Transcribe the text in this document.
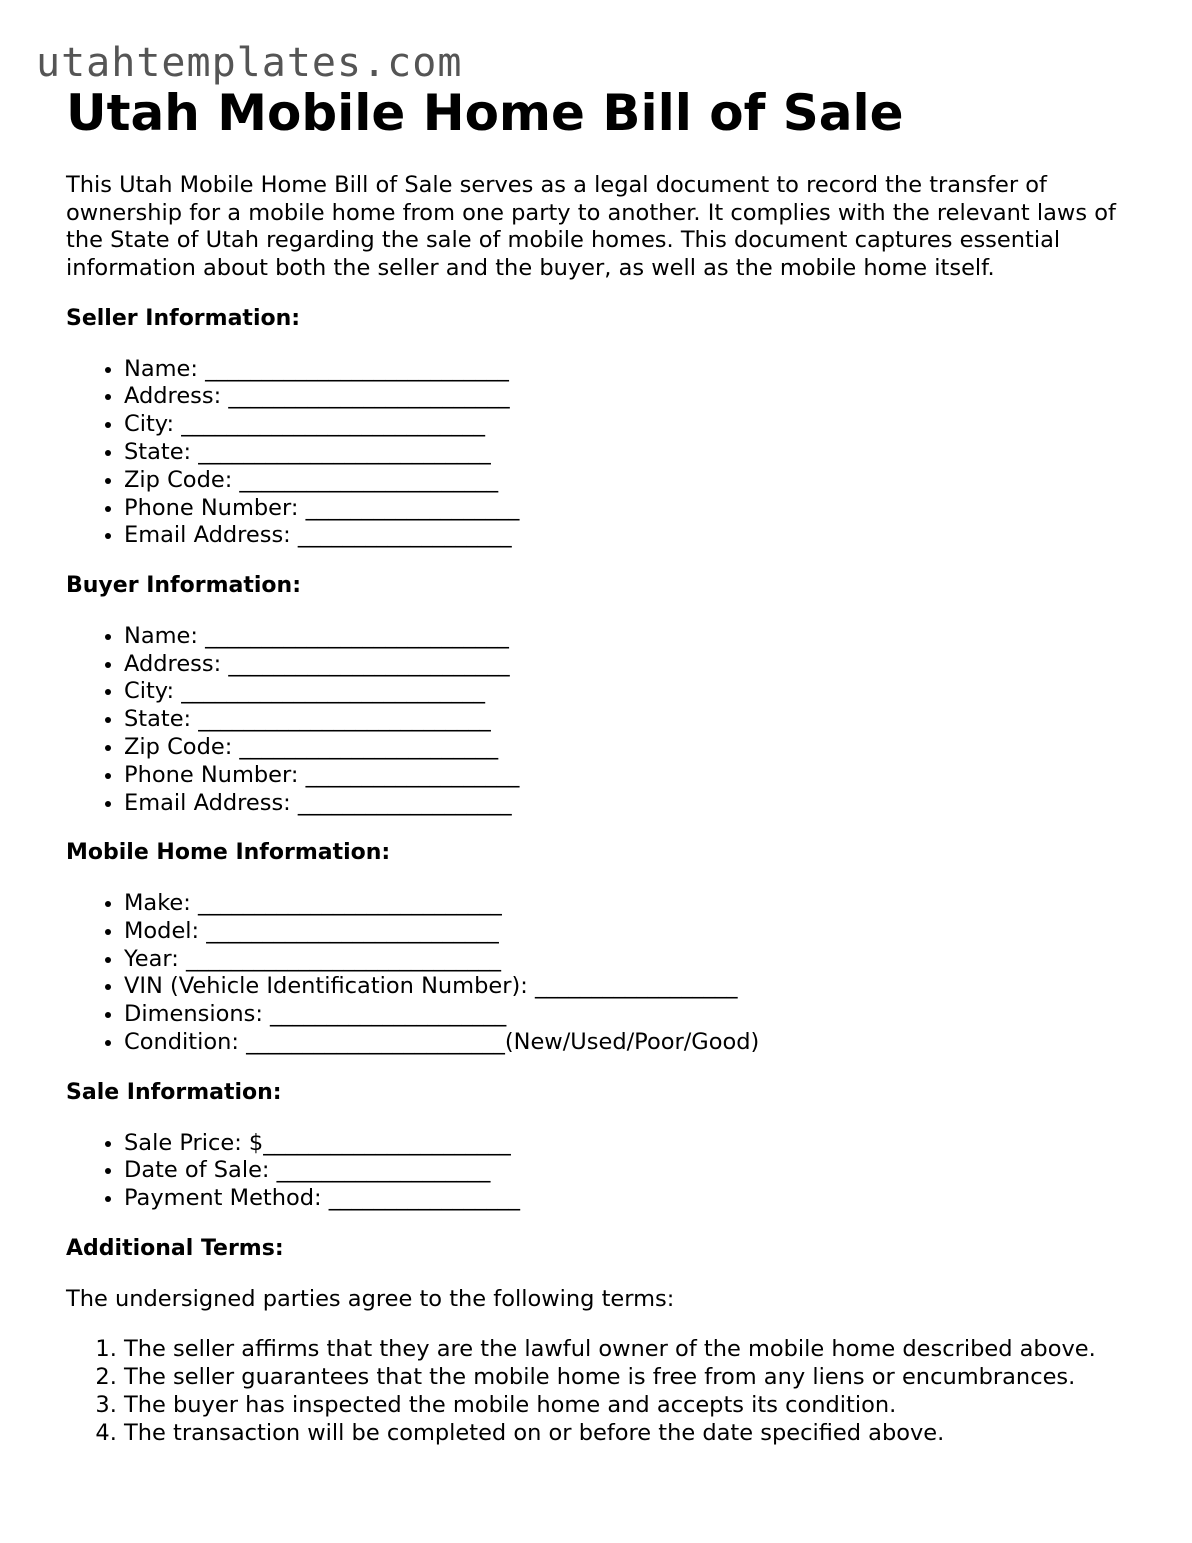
utahtemplates.com
Utah Mobile Home Bill of Sale

This Utah Mobile Home Bill of Sale serves as a legal document to record the transfer of ownership for a mobile home from one party to another. It complies with the relevant laws of the State of Utah regarding the sale of mobile homes. This document captures essential information about both the seller and the buyer, as well as the mobile home itself.

Seller Information:
• Name: ___________________________
• Address: _________________________
• City: ___________________________
• State: __________________________
• Zip Code: _______________________
• Phone Number: ___________________
• Email Address: ___________________
Buyer Information:
• Name: ___________________________
• Address: _________________________
• City: ___________________________
• State: __________________________
• Zip Code: _______________________
• Phone Number: ___________________
• Email Address: ___________________
Mobile Home Information:
• Make: ___________________________
• Model: __________________________
• Year: ____________________________
• VIN (Vehicle Identification Number): __________________
• Dimensions: _____________________
• Condition: _______________________(New/Used/Poor/Good)
Sale Information:
• Sale Price: $______________________
• Date of Sale: ___________________
• Payment Method: _________________
Additional Terms:

The undersigned parties agree to the following terms:

1. The seller affirms that they are the lawful owner of the mobile home described above.
2. The seller guarantees that the mobile home is free from any liens or encumbrances.
3. The buyer has inspected the mobile home and accepts its condition.
4. The transaction will be completed on or before the date specified above.
